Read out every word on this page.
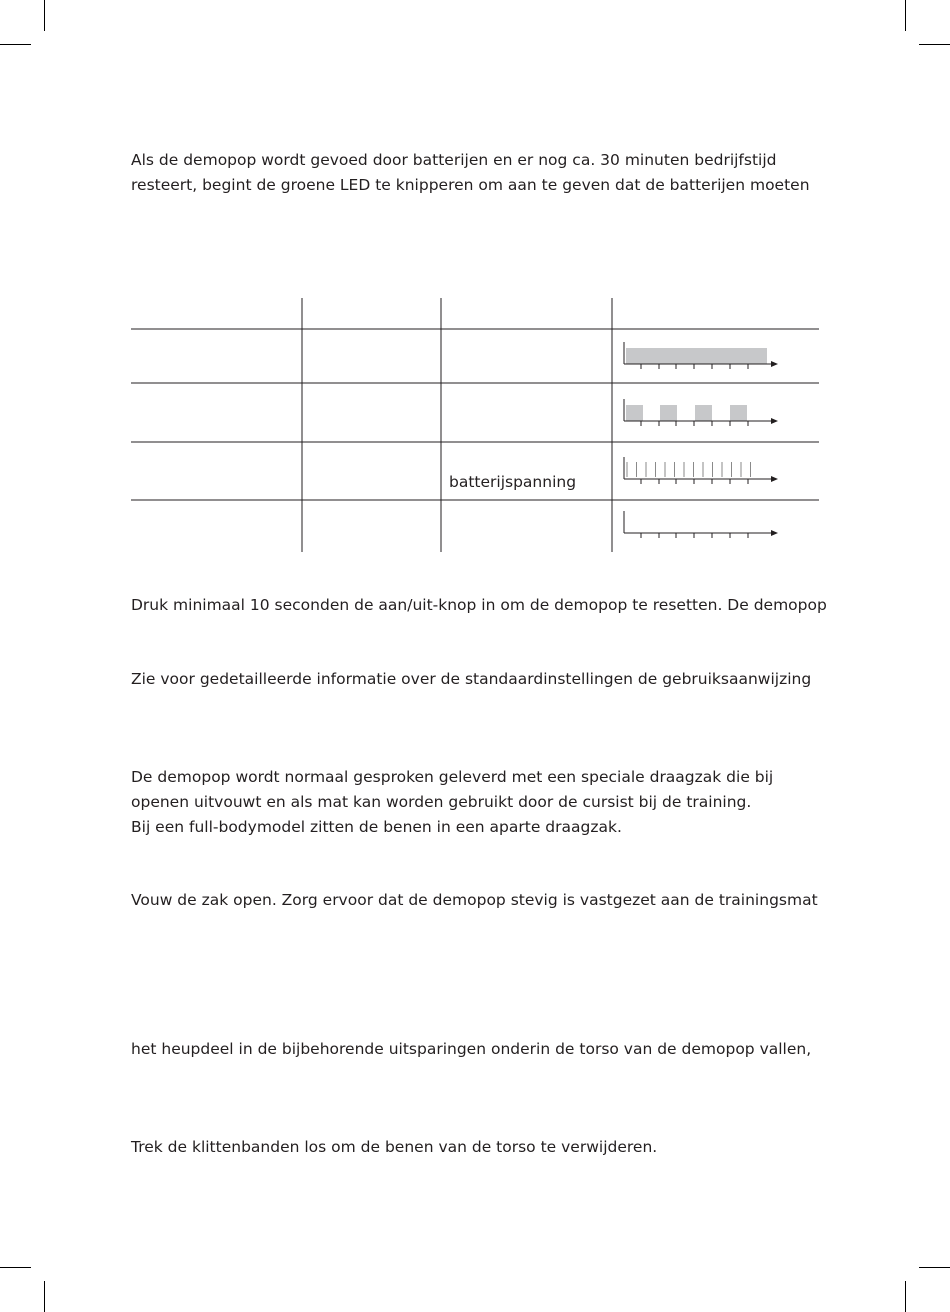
Als de demopop wordt gevoed door batterijen en er nog ca. 30 minuten bedrijfstijd
resteert, begint de groene LED te knipperen om aan te geven dat de batterijen moeten

batterijspanning

Druk minimaal 10 seconden de aan/uit-knop in om de demopop te resetten. De demopop

Zie voor gedetailleerde informatie over de standaardinstellingen de gebruiksaanwijzing

De demopop wordt normaal gesproken geleverd met een speciale draagzak die bij
openen uitvouwt en als mat kan worden gebruikt door de cursist bij de training.
Bij een full-bodymodel zitten de benen in een aparte draagzak.

Vouw de zak open. Zorg ervoor dat de demopop stevig is vastgezet aan de trainingsmat

het heupdeel in de bijbehorende uitsparingen onderin de torso van de demopop vallen,

Trek de klittenbanden los om de benen van de torso te verwijderen.
